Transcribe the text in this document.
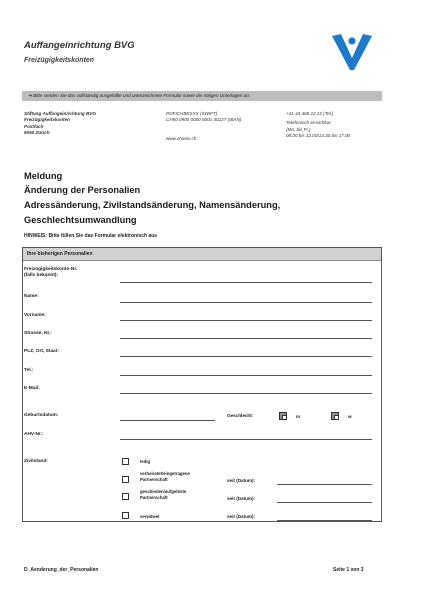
Auffangeinrichtung BVG
Freizügigkeitskonten
➔ Bitte senden Sie das vollständig ausgefüllte und unterzeichnete Formular sowie die nötigen Unterlagen an:
Stiftung Auffangeinrichtung BVG
Freizügigkeitskonten
Postfach
8050 Zürich
POFICHBEXXX (SWIFT)
CH50 0900 0000 8001 30227 (IBAN)
www.chaeis.ch
+41 44 468 22 22 (Tel.)
Telefonisch erreichbar
(Mo. bis Fr.)
08.00 bis 12.00/13.30 bis 17.00
Meldung
Änderung der Personalien
Adressänderung, Zivilstandsänderung, Namensänderung,
Geschlechtsumwandlung
HINWEIS: Bitte füllen Sie das Formular elektronisch aus
Ihre bisherigen Personalien
Freizügigkeitskonto-Nr.
(falls bekannt):
Name:
Vorname:
Strasse, Nr.:
PLZ, Ort, Staat:
Tel.:
E-Mail:
Geburtsdatum:	Geschlecht:	m	w
AHV-Nr.:
Zivilstand:	ledig
verheiratet/eingetragene
Partnerschaft	seit (Datum):
geschieden/aufgelöste
Partnerschaft	seit (Datum):
verwitwet	seit (Datum):
D_Aenderung_der_Personalien	Seite 1 von 3
